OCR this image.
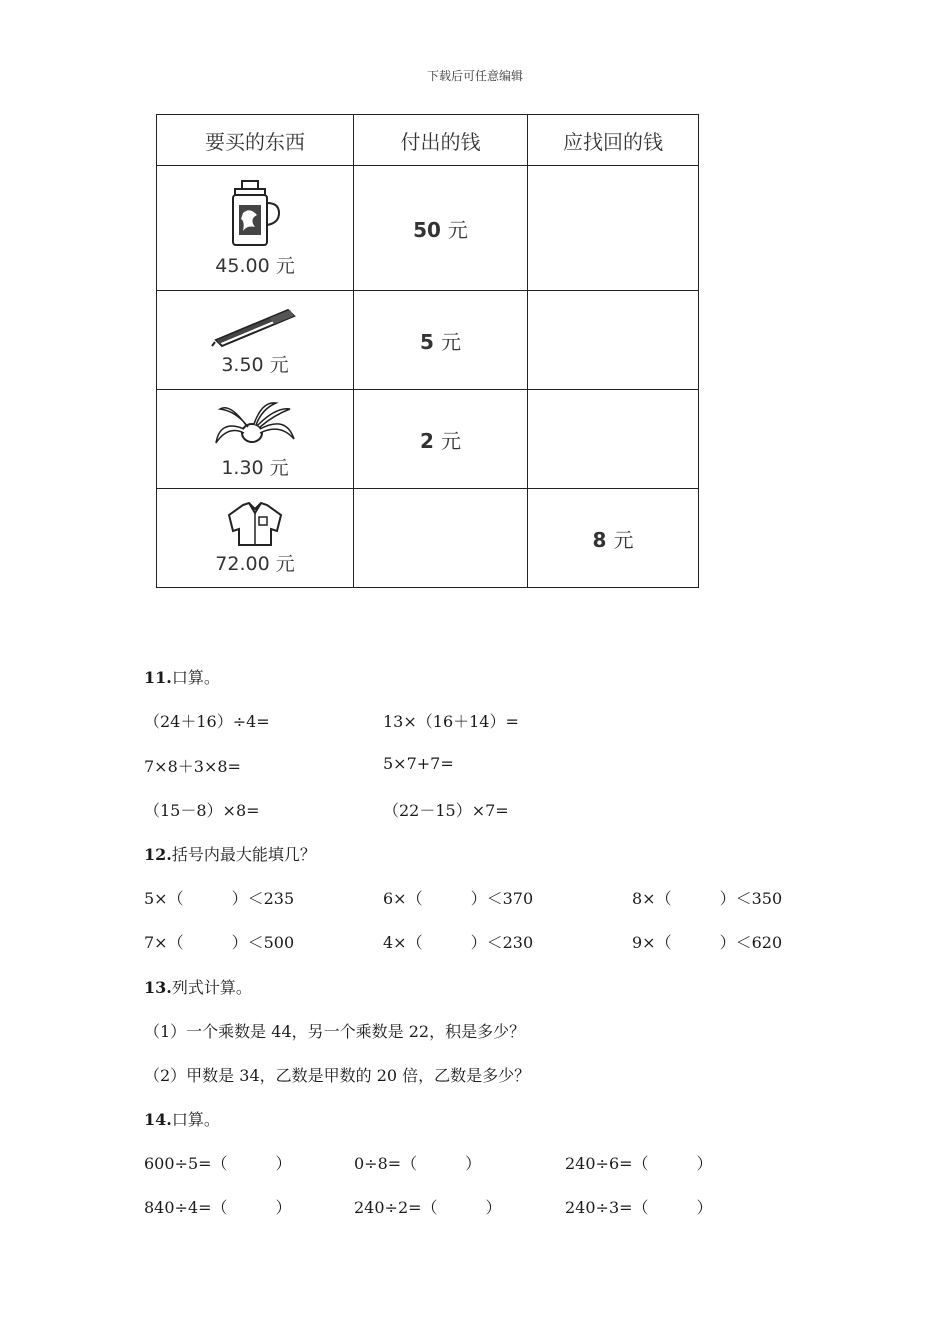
下载后可任意编辑
要买的东西	付出的钱	应找回的钱

45.00 元	50 元	

3.50 元	5 元	

1.30 元	2 元	

72.00 元		8 元
11.口算。
（24＋16）÷4=	13×（16＋14）=
7×8＋3×8=	5×7+7=
（15－8）×8=	（22－15）×7=
12.括号内最大能填几？
5×（　　　）＜235	6×（　　　）＜370	8×（　　　）＜350
7×（　　　）＜500	4×（　　　）＜230	9×（　　　）＜620
13.列式计算。
（1）一个乘数是 44，另一个乘数是 22，积是多少？
（2）甲数是 34，乙数是甲数的 20 倍，乙数是多少？
14.口算。
600÷5=（　　　）	0÷8=（　　　）	240÷6=（　　　）
840÷4=（　　　）	240÷2=（　　　）	240÷3=（　　　）
